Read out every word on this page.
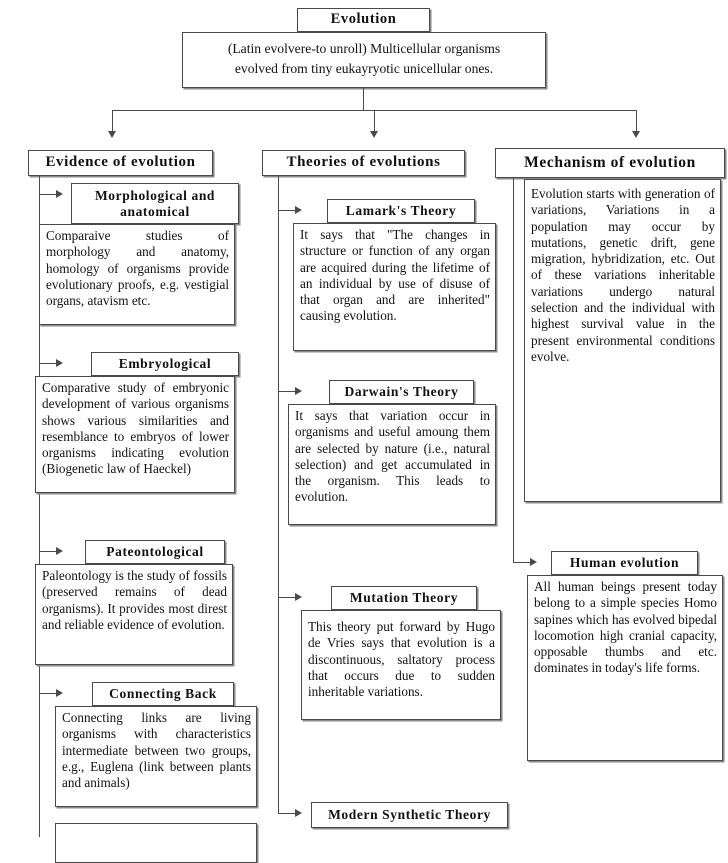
Evolution
(Latin evolvere-to unroll) Multicellular organisms
evolved from tiny eukayryotic unicellular ones.
Evidence of evolution
Morphological and anatomical
Comparaive studies of morphology and anatomy, homology of organisms provide evolutionary proofs, e.g. vestigial organs, atavism etc.
Embryological
Comparative study of embryonic development of various organisms shows various similarities and resemblance to embryos of lower organisms indicating evolution (Biogenetic law of Haeckel)
Pateontological
Paleontology is the study of fossils (preserved remains of dead organisms). It provides most direst and reliable evidence of evolution.
Connecting Back
Connecting links are living organisms with characteristics intermediate between two groups, e.g., Euglena (link between plants and animals)
Theories of evolutions
Lamark's Theory
It says that "The changes in structure or function of any organ are acquired during the lifetime of an individual by use of disuse of that organ and are inherited" causing evolution.
Darwain's Theory
It says that variation occur in organisms and useful amoung them are selected by nature (i.e., natural selection) and get accumulated in the organism. This leads to evolution.
Mutation Theory
This theory put forward by Hugo de Vries says that evolution is a discontinuous, saltatory process that occurs due to sudden inheritable variations.
Modern Synthetic Theory
Mechanism of evolution
Evolution starts with generation of variations, Variations in a population may occur by mutations, genetic drift, gene migration, hybridization, etc. Out of these variations inheritable variations undergo natural selection and the individual with highest survival value in the present environmental conditions evolve.
Human evolution
All human beings present today belong to a simple species Homo sapines which has evolved bipedal locomotion high cranial capacity, opposable thumbs and etc. dominates in today's life forms.
